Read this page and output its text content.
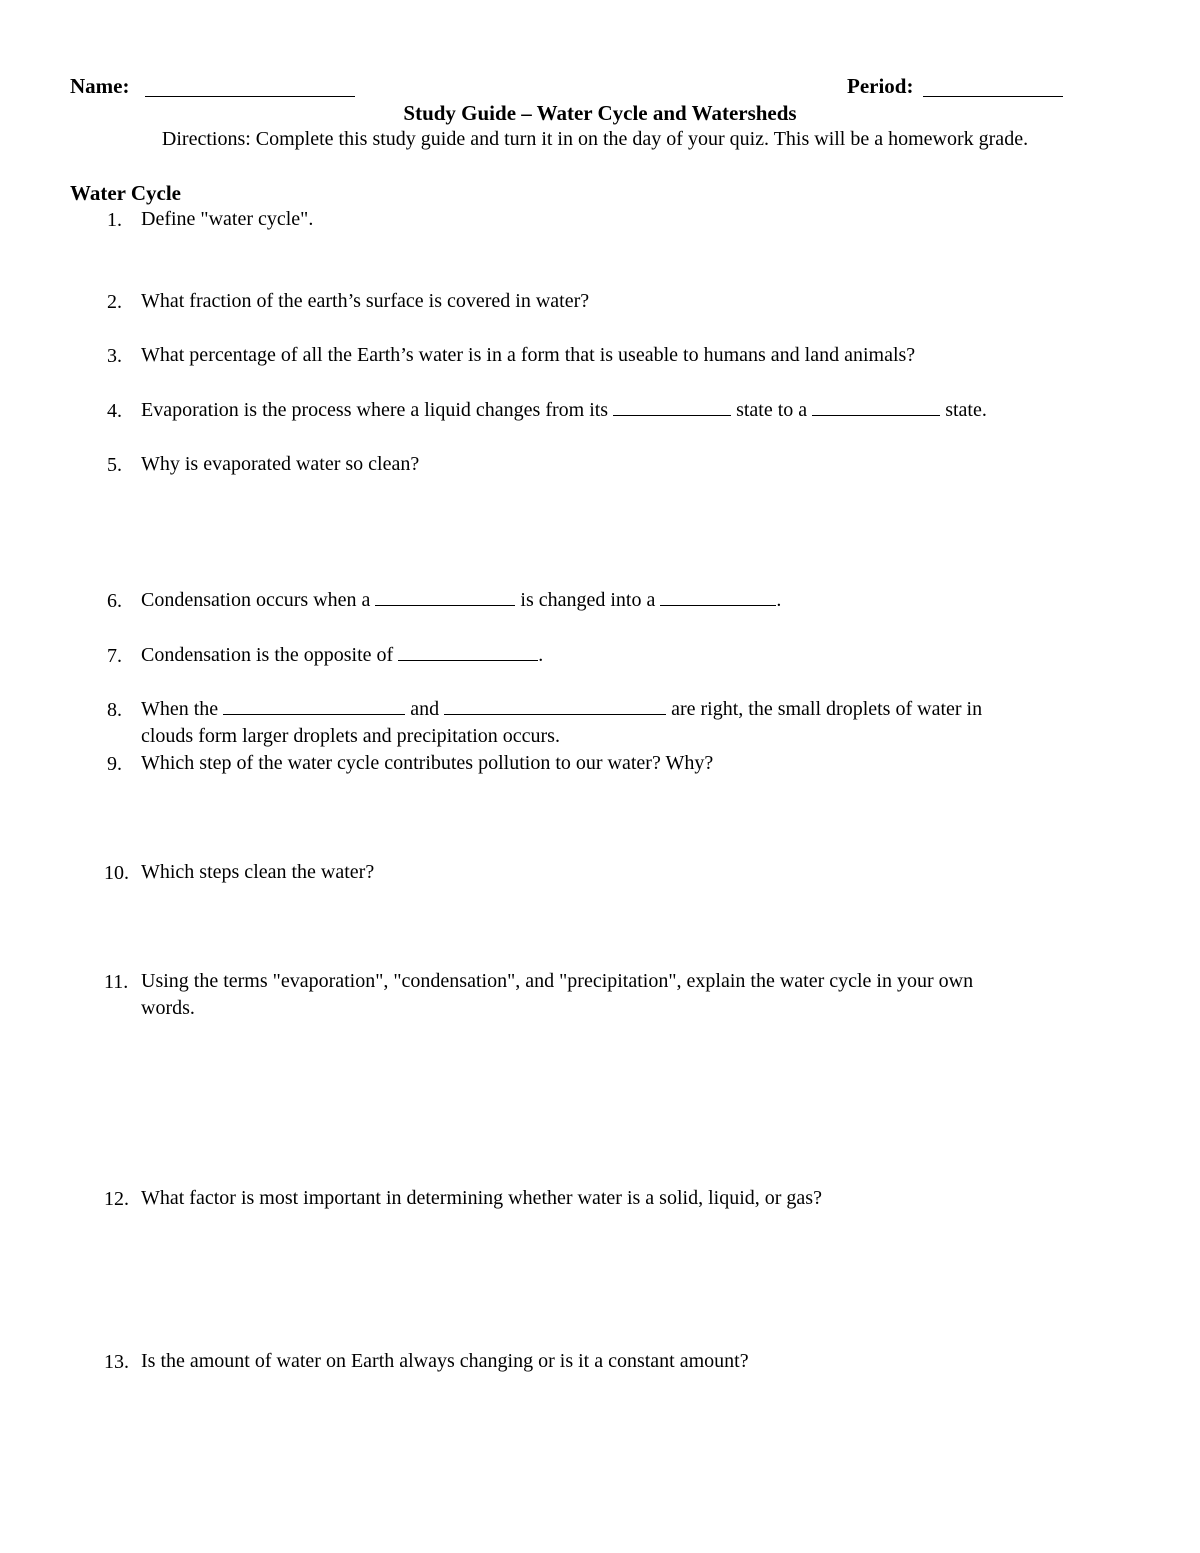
Name:	Period:
Study Guide – Water Cycle and Watersheds
Directions: Complete this study guide and turn it in on the day of your quiz. This will be a homework grade.
Water Cycle
1. Define "water cycle".
2. What fraction of the earth’s surface is covered in water?
3. What percentage of all the Earth’s water is in a form that is useable to humans and land animals?
4. Evaporation is the process where a liquid changes from its	state to a	state.
5. Why is evaporated water so clean?
6. Condensation occurs when a	is changed into a	.
7. Condensation is the opposite of	.
8. When the	and	are right, the small droplets of water in
clouds form larger droplets and precipitation occurs.
9. Which step of the water cycle contributes pollution to our water? Why?
10. Which steps clean the water?
11. Using the terms "evaporation", "condensation", and "precipitation", explain the water cycle in your own
words.
12. What factor is most important in determining whether water is a solid, liquid, or gas?
13. Is the amount of water on Earth always changing or is it a constant amount?
